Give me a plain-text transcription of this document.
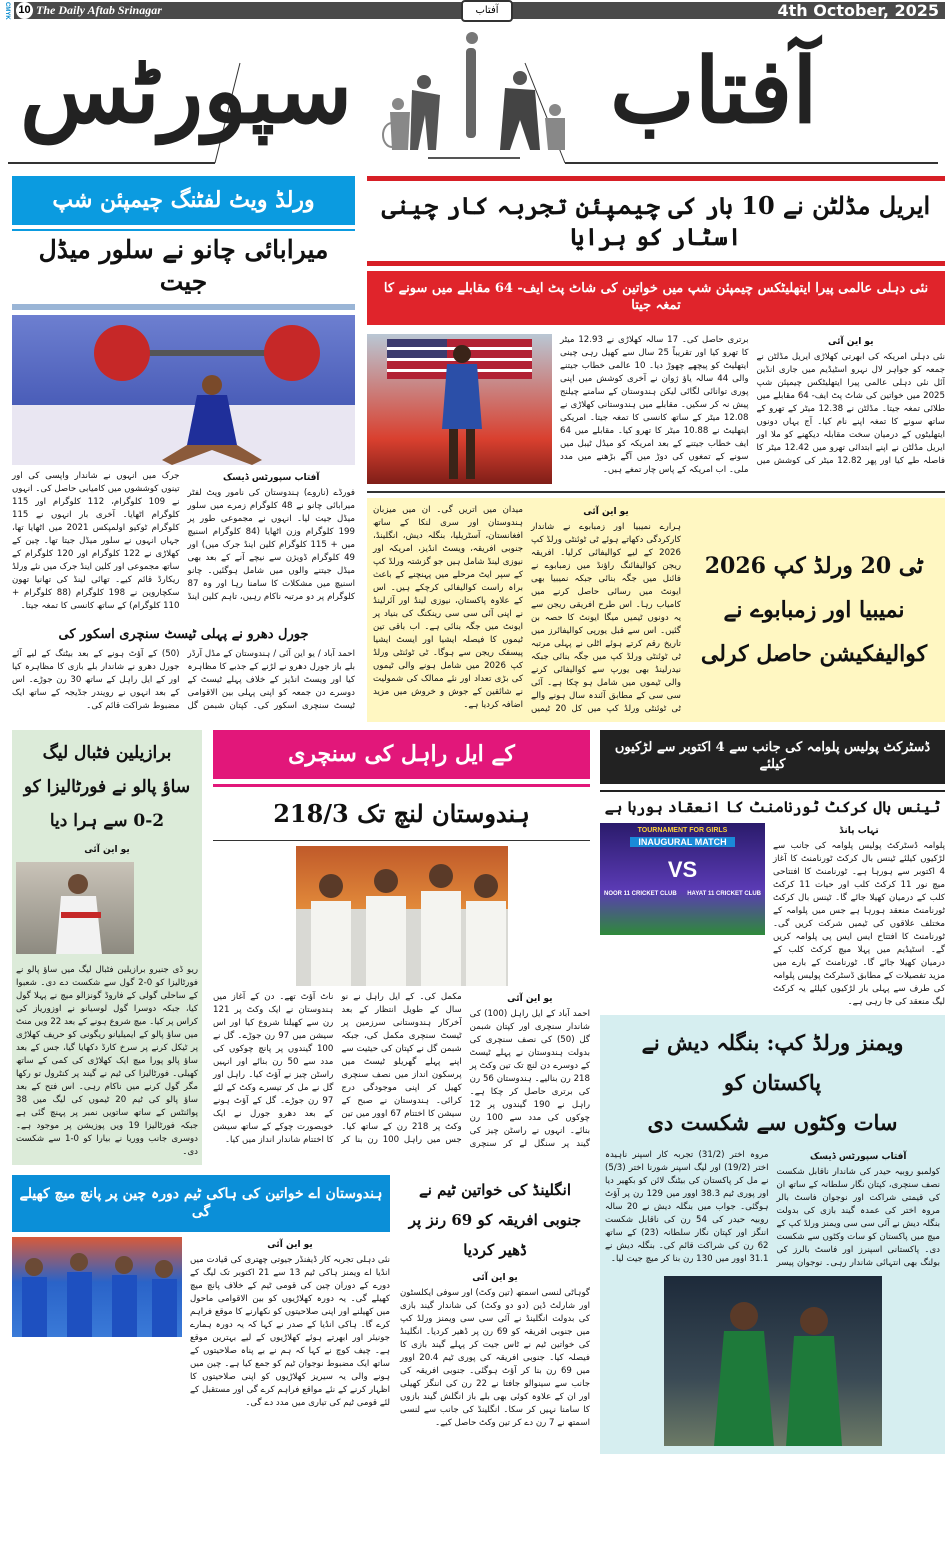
CMYK 10 The Daily Aftab Srinagar	آفتاب	4th October, 2025
آفتاب
سپورٹس
ورلڈ ویٹ لفٹنگ چیمپئن شپ
میرابائی چانو نے سلور میڈل جیت
آفتاب سپورٹس ڈیسک
فورڈے (ناروے) ہندوستان کی نامور ویٹ لفٹر میرابائی چانو نے 48 کلوگرام زمرے میں سلور میڈل جیت لیا۔ انہوں نے مجموعی طور پر 199 کلوگرام وزن اٹھایا (84 کلوگرام اسنیچ میں + 115 کلوگرام کلین اینڈ جرک میں) اور 49 کلوگرام ڈویژن سے نیچے آنے کے بعد بھی میڈل جیتنے والوں میں شامل ہوگئیں۔ چانو اسنیچ میں مشکلات کا سامنا رہا اور وہ 87 کلوگرام پر دو مرتبہ ناکام رہیں، تاہم کلین اینڈ جرک میں انہوں نے شاندار واپسی کی اور تینوں کوششوں میں کامیابی حاصل کی۔ انہوں نے 109 کلوگرام، 112 کلوگرام اور 115 کلوگرام اٹھایا۔ آخری بار انہوں نے 115 کلوگرام ٹوکیو اولمپکس 2021 میں اٹھایا تھا، جہاں انہوں نے سلور میڈل جیتا تھا۔ چین کے کھلاڑی نے 122 کلوگرام اور 120 کلوگرام کے ساتھ مجموعی اور کلین اینڈ جرک میں نئے ورلڈ ریکارڈ قائم کیے۔ تھائی لینڈ کی تھانیا تھون سکچاروین نے 198 کلوگرام (88 کلوگرام + 110 کلوگرام) کے ساتھ کانسی کا تمغہ جیتا۔
جورل دھرو نے پہلی ٹیسٹ سنچری اسکور کی
احمد آباد / یو این آئی / ہندوستان کے مڈل آرڈر بلے باز جورل دھرو نے لڑنے کے جذبے کا مظاہرہ کیا اور ویسٹ انڈیز کے خلاف پہلے ٹیسٹ کے دوسرے دن جمعہ کو اپنی پہلی بین الاقوامی ٹیسٹ سنچری اسکور کی۔ کپتان شبمن گل (50) کے آؤٹ ہونے کے بعد بیٹنگ کے لیے آئے جورل دھرو نے شاندار بلے بازی کا مظاہرہ کیا اور کے ایل راہل کے ساتھ 30 رن جوڑے۔ اس کے بعد انہوں نے رویندر جڈیجہ کے ساتھ ایک مضبوط شراکت قائم کی۔
ایریل مڈلٹن نے 10 بار کی چیمپئن تجربہ کار چینی اسٹار کو ہرایا
نئی دہلی عالمی پیرا ایتھلیٹکس چیمپئن شپ میں خواتین کی شاٹ پٹ ایف- 64 مقابلے میں سونے کا تمغہ جیتا
یو این آئی
نئی دہلی امریکہ کی ابھرتی کھلاڑی ایریل مڈلٹن نے جمعہ کو جواہر لال نہرو اسٹیڈیم میں جاری انڈین آئل نئی دہلی عالمی پیرا ایتھلیٹکس چیمپئن شپ 2025 میں خواتین کی شاٹ پٹ ایف- 64 مقابلے میں طلائی تمغہ جیتا۔ مڈلٹن نے 12.38 میٹر کے تھرو کے ساتھ سونے کا تمغہ اپنے نام کیا۔ آج یہاں دونوں ایتھلیٹوں کے درمیان سخت مقابلہ دیکھنے کو ملا اور ایریل مڈلٹن نے اپنے ابتدائی تھرو میں 12.42 میٹر کا فاصلہ طے کیا اور پھر 12.82 میٹر کی کوشش میں برتری حاصل کی۔ 17 سالہ کھلاڑی نے 12.93 میٹر کا تھرو کیا اور تقریباً 25 سال سے کھیل رہی چینی ایتھلیٹ کو پیچھے چھوڑ دیا۔ 10 عالمی خطاب جیتنے والی 44 سالہ یاؤ ژوان نے آخری کوشش میں اپنی پوری توانائی لگائی لیکن ہندوستان کے سامنے چیلنج پیش نہ کر سکیں۔ مقابلے میں ہندوستانی کھلاڑی نے 12.08 میٹر کے ساتھ کانسی کا تمغہ جیتا۔ امریکی ایتھلیٹ نے 10.88 میٹر کا تھرو کیا۔ مقابلے میں 64 ایف خطاب جیتنے کے بعد امریکہ کو میڈل ٹیبل میں سونے کے تمغوں کی دوڑ میں آگے بڑھنے میں مدد ملی۔ اب امریکہ کے پاس چار تمغے ہیں۔
یو این آئی
ہرارے نمیبیا اور زمبابوے نے شاندار کارکردگی دکھاتے ہوئے ٹی ٹوئنٹی ورلڈ کپ 2026 کے لیے کوالیفائی کرلیا۔ افریقہ ریجن کوالیفائنگ راؤنڈ میں زمبابوے نے فائنل میں جگہ بنائی جبکہ نمیبیا بھی ایونٹ میں رسائی حاصل کرنے میں کامیاب رہا۔ اس طرح افریقی ریجن سے یہ دونوں ٹیمیں میگا ایونٹ کا حصہ بن گئیں۔ اس سے قبل یورپی کوالیفائرز میں تاریخ رقم کرتے ہوئے اٹلی نے پہلی مرتبہ ٹی ٹوئنٹی ورلڈ کپ میں جگہ بنائی جبکہ نیدرلینڈ بھی یورپ سے کوالیفائی کرنے والی ٹیموں میں شامل ہو چکا ہے۔ آئی سی سی کے مطابق آئندہ سال ہونے والے ٹی ٹوئنٹی ورلڈ کپ میں کل 20 ٹیمیں میدان میں اتریں گی۔ ان میں میزبان ہندوستان اور سری لنکا کے ساتھ افغانستان، آسٹریلیا، بنگلہ دیش، انگلینڈ، جنوبی افریقہ، ویسٹ انڈیز، امریکہ اور نیوزی لینڈ شامل ہیں جو گزشتہ ورلڈ کپ کے سپر ایٹ مرحلے میں پہنچنے کے باعث براہ راست کوالیفائی کرچکے ہیں۔ اس کے علاوہ پاکستان، نیوزی لینڈ اور آئرلینڈ نے اپنی آئی سی سی رینکنگ کی بنیاد پر ایونٹ میں جگہ بنائی ہے۔ اب باقی تین ٹیموں کا فیصلہ ایشیا اور ایسٹ ایشیا پیسفک ریجن سے ہوگا۔ ٹی ٹوئنٹی ورلڈ کپ 2026 میں شامل ہونے والی ٹیموں کی بڑی تعداد اور نئے ممالک کی شمولیت نے شائقین کے جوش و خروش میں مزید اضافہ کردیا ہے۔
ٹی 20 ورلڈ کپ 2026
نمیبیا اور زمبابوے نے
کوالیفکیشن حاصل کرلی
برازیلین فٹبال لیگ
ساؤ پالو نے فورٹالیزا کو
0-2 سے ہرا دیا
یو این آئی
ریو ڈی جنیرو برازیلین فٹبال لیگ میں ساؤ پالو نے فورٹالیزا کو 0-2 گول سے شکست دے دی۔ شعبوا کے ساحلی گولی کے فاروڈ گونزالو میچ نے پہلا گول کیا، جبکہ دوسرا گول لوسیانو نے اوزوریاز کی کراس پر کیا۔ میچ شروع ہونے کے بعد 22 ویں منٹ میں ساؤ پالو کے ایمیلیانو ریگونی کو حریف کھلاڑی پر ٹیکل کرنے پر سرخ کارڈ دکھایا گیا، جس کے بعد ساؤ پالو پورا میچ ایک کھلاڑی کی کمی کے ساتھ کھیلی۔ فورٹالیزا کی ٹیم نے گیند پر کنٹرول تو رکھا مگر گول کرنے میں ناکام رہی۔ اس فتح کے بعد ساؤ پالو کی ٹیم 20 ٹیموں کی لیگ میں 38 پوائنٹس کے ساتھ ساتویں نمبر پر پہنچ گئی ہے جبکہ فورٹالیزا 19 ویں پوزیشن پر موجود ہے۔ دوسری جانب ووریا نے بیارا کو 0-1 سے شکست دی۔
کے ایل راہل کی سنچری
ہندوستان لنچ تک 218/3
یو این آئی
احمد آباد کے ایل راہل (100) کی شاندار سنچری اور کپتان شبمن گل (50) کی نصف سنچری کی بدولت ہندوستان نے پہلے ٹیسٹ کے دوسرے دن لنچ تک تین وکٹ پر 218 رن بنالیے۔ ہندوستان 56 رن کی برتری حاصل کر چکا ہے۔ راہل نے 190 گیندوں پر 12 چوکوں کی مدد سے 100 رن بنائے۔ انہوں نے راسٹن چیز کی گیند پر سنگل لے کر سنچری مکمل کی۔ کے ایل راہل نے نو سال کے طویل انتظار کے بعد آخرکار ہندوستانی سرزمین پر ٹیسٹ سنچری مکمل کی، جبکہ شبمن گل نے کپتان کی حیثیت سے اپنے پہلے گھریلو ٹیسٹ میں پرسکون انداز میں نصف سنچری کھیل کر اپنی موجودگی درج کرائی۔ ہندوستان نے صبح کے سیشن کا اختتام 67 اوور میں تین وکٹ پر 218 رن کے ساتھ کیا۔ جس میں راہل 100 رن بنا کر ناٹ آؤٹ تھے۔ دن کے آغاز میں ہندوستان نے ایک وکٹ پر 121 رن سے کھیلنا شروع کیا اور اس سیشن میں 97 رن جوڑے۔ گل نے 100 گیندوں پر پانچ چوکوں کی مدد سے 50 رن بنائے اور انہیں راسٹن چیز نے آؤٹ کیا۔ راہل اور گل نے مل کر تیسرے وکٹ کے لئے 97 رن جوڑے۔ گل کے آؤٹ ہونے کے بعد دھرو جورل نے ایک خوبصورت چوکے کے ساتھ سیشن کا اختتام شاندار انداز میں کیا۔
ہندوستان اے خواتین کی ہاکی ٹیم دورہ چین پر پانچ میچ کھیلے گی
یو این آئی
نئی دہلی تجربہ کار ڈیفنڈر جیوتی چھتری کی قیادت میں انڈیا اے ویمنز ہاکی ٹیم 13 سے 21 اکتوبر تک لیگ کے دورے کے دوران چین کی قومی ٹیم کے خلاف پانچ میچ کھیلے گی۔ یہ دورہ کھلاڑیوں کو بین الاقوامی ماحول میں کھیلنے اور اپنی صلاحیتوں کو نکھارنے کا موقع فراہم کرے گا۔ ہاکی انڈیا کے صدر نے کہا کہ یہ دورہ ہمارے جونیئر اور ابھرتے ہوئے کھلاڑیوں کے لیے بہترین موقع ہے۔ چیف کوچ نے کہا کہ ہم نے بے پناہ صلاحیتوں کے ساتھ ایک مضبوط نوجوان ٹیم کو جمع کیا ہے۔ چین میں ہونے والی یہ سیریز کھلاڑیوں کو اپنی صلاحیتوں کا اظہار کرنے کے نئے مواقع فراہم کرے گی اور مستقبل کے لئے قومی ٹیم کی تیاری میں مدد دے گی۔
انگلینڈ کی خواتین ٹیم نے
جنوبی افریقہ کو 69 رنز پر ڈھیر کردیا
یو این آئی
گوہاٹی لنسی اسمتھ (تین وکٹ) اور سوفی ایکلسٹون اور شارلٹ ڈین (دو دو وکٹ) کی شاندار گیند بازی کی بدولت انگلینڈ نے آئی سی سی ویمنز ورلڈ کپ میں جنوبی افریقہ کو 69 رن پر ڈھیر کردیا۔ انگلینڈ کی خواتین ٹیم نے ٹاس جیت کر پہلے گیند بازی کا فیصلہ کیا۔ جنوبی افریقہ کی پوری ٹیم 20.4 اوور میں 69 رن بنا کر آؤٹ ہوگئی۔ جنوبی افریقہ کی جانب سے سینوالو جافتا نے 22 رن کی اننگز کھیلی اور ان کے علاوہ کوئی بھی بلے باز انگلش گیند بازوں کا سامنا نہیں کر سکا۔ انگلینڈ کی جانب سے لنسی اسمتھ نے 7 رن دے کر تین وکٹ حاصل کیے۔
ڈسٹرکٹ پولیس پلوامہ کی جانب سے 4 اکتوبر سے لڑکیوں کیلئے
ٹینس بال کرکٹ ٹورنامنٹ کا انعقاد ہورہا ہے
TOURNAMENT FOR GIRLS
INAUGURAL MATCH
VS
NOOR 11 CRICKET CLUB HAYAT 11 CRICKET CLUB
تہاب پانڈ
پلوامہ ڈسٹرکٹ پولیس پلوامہ کی جانب سے لڑکیوں کیلئے ٹینس بال کرکٹ ٹورنامنٹ کا آغاز 4 اکتوبر سے ہورہا ہے۔ ٹورنامنٹ کا افتتاحی میچ نور 11 کرکٹ کلب اور حیات 11 کرکٹ کلب کے درمیان کھیلا جائے گا۔ ٹینس بال کرکٹ ٹورنامنٹ منعقد ہورہا ہے جس میں پلوامہ کے مختلف علاقوں کی ٹیمیں شرکت کریں گی۔ ٹورنامنٹ کا افتتاح ایس ایس پی پلوامہ کریں گے۔ اسٹیڈیم میں پہلا میچ کرکٹ کلب کے درمیان کھیلا جائے گا۔ ٹورنامنٹ کے بارے میں مزید تفصیلات کے مطابق ڈسٹرکٹ پولیس پلوامہ کی طرف سے پہلی بار لڑکیوں کیلئے یہ کرکٹ لیگ منعقد کی جا رہی ہے۔
ویمنز ورلڈ کپ: بنگلہ دیش نے پاکستان کو
سات وکٹوں سے شکست دی
آفتاب سپورٹس ڈیسک
کولمبو روبیہ حیدر کی شاندار ناقابل شکست نصف سنچری، کپتان نگار سلطانہ کے ساتھ ان کی قیمتی شراکت اور نوجوان فاسٹ بالر مروہ اختر کی عمدہ گیند بازی کی بدولت بنگلہ دیش نے آئی سی سی ویمنز ورلڈ کپ کے میچ میں پاکستان کو سات وکٹوں سے شکست دی۔ پاکستانی اسپنرز اور فاسٹ بالرز کی بولنگ بھی انتہائی شاندار رہی۔ نوجوان پیسر مروہ اختر (31/2) تجربہ کار اسپنر ناہیدہ اختر (19/2) اور لیگ اسپنر شورنا اختر (5/3) نے مل کر پاکستان کی بیٹنگ لائن کو بکھیر دیا اور پوری ٹیم 38.3 اوور میں 129 رن پر آؤٹ ہوگئی۔ جواب میں بنگلہ دیش نے 20 سالہ روبیہ حیدر کی 54 رن کی ناقابل شکست اننگز اور کپتان نگار سلطانہ (23) کے ساتھ 62 رن کی شراکت قائم کی۔ بنگلہ دیش نے 31.1 اوور میں 130 رن بنا کر میچ جیت لیا۔
